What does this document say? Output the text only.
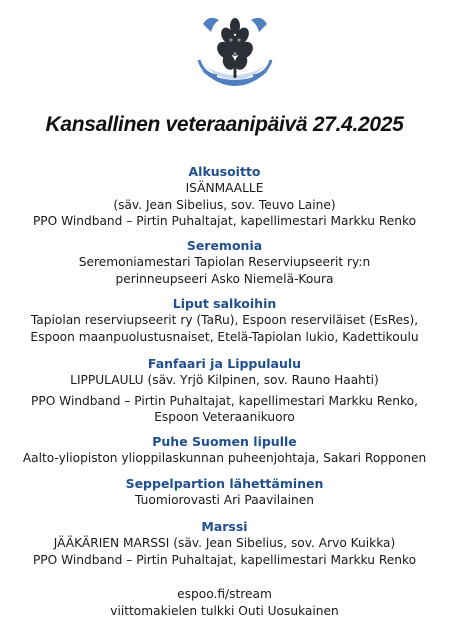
Kansallinen veteraanipäivä 27.4.2025
Alkusoitto
ISÄNMAALLE
(säv. Jean Sibelius, sov. Teuvo Laine)
PPO Windband – Pirtin Puhaltajat, kapellimestari Markku Renko
Seremonia
Seremoniamestari Tapiolan Reserviupseerit ry:n
perinneupseeri Asko Niemelä-Koura
Liput salkoihin
Tapiolan reserviupseerit ry (TaRu), Espoon reserviläiset (EsRes),
Espoon maanpuolustusnaiset, Etelä-Tapiolan lukio, Kadettikoulu
Fanfaari ja Lippulaulu
LIPPULAULU (säv. Yrjö Kilpinen, sov. Rauno Haahti)
PPO Windband – Pirtin Puhaltajat, kapellimestari Markku Renko,
Espoon Veteraanikuoro
Puhe Suomen lipulle
Aalto-yliopiston ylioppilaskunnan puheenjohtaja, Sakari Ropponen
Seppelpartion lähettäminen
Tuomiorovasti Ari Paavilainen
Marssi
JÄÄKÄRIEN MARSSI (säv. Jean Sibelius, sov. Arvo Kuikka)
PPO Windband – Pirtin Puhaltajat, kapellimestari Markku Renko
espoo.fi/stream
viittomakielen tulkki Outi Uosukainen
